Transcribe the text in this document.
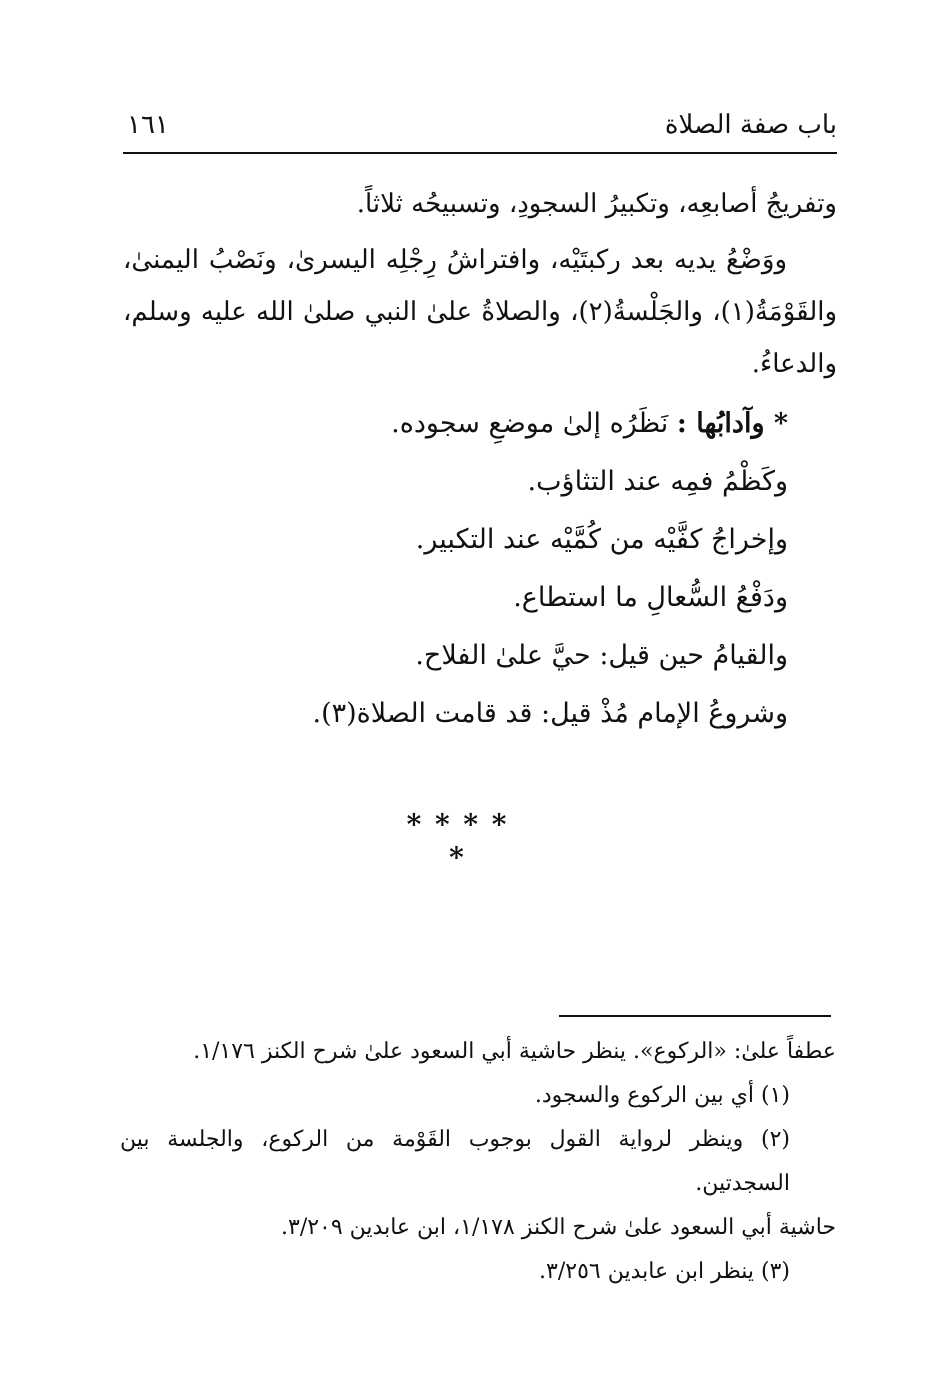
باب صفة الصلاة
١٦١

وتفريجُ أصابعِه، وتكبيرُ السجودِ، وتسبيحُه ثلاثاً.

ووَضْعُ يديه بعد ركبتَيْه، وافتراشُ رِجْلِه اليسرىٰ، ونَصْبُ اليمنىٰ، والقَوْمَةُ(١)، والجَلْسةُ(٢)، والصلاةُ علىٰ النبي صلىٰ الله عليه وسلم، والدعاءُ.

* وآدابُها : نَظَرُه إلىٰ موضعِ سجوده.
وكَظْمُ فمِه عند التثاؤب.
وإخراجُ كفَّيْه من كُمَّيْه عند التكبير.
ودَفْعُ السُّعالِ ما استطاع.
والقيامُ حين قيل: حيَّ علىٰ الفلاح.
وشروعُ الإمام مُذْ قيل: قد قامت الصلاة(٣).
* * * * *

عطفاً علىٰ: «الركوع». ينظر حاشية أبي السعود علىٰ شرح الكنز ١/١٧٦.

(١) أي بين الركوع والسجود.

(٢) وينظر لرواية القول بوجوب القَوْمة من الركوع، والجلسة بين السجدتين.

حاشية أبي السعود علىٰ شرح الكنز ١/١٧٨، ابن عابدين ٣/٢٠٩.

(٣) ينظر ابن عابدين ٣/٢٥٦.
